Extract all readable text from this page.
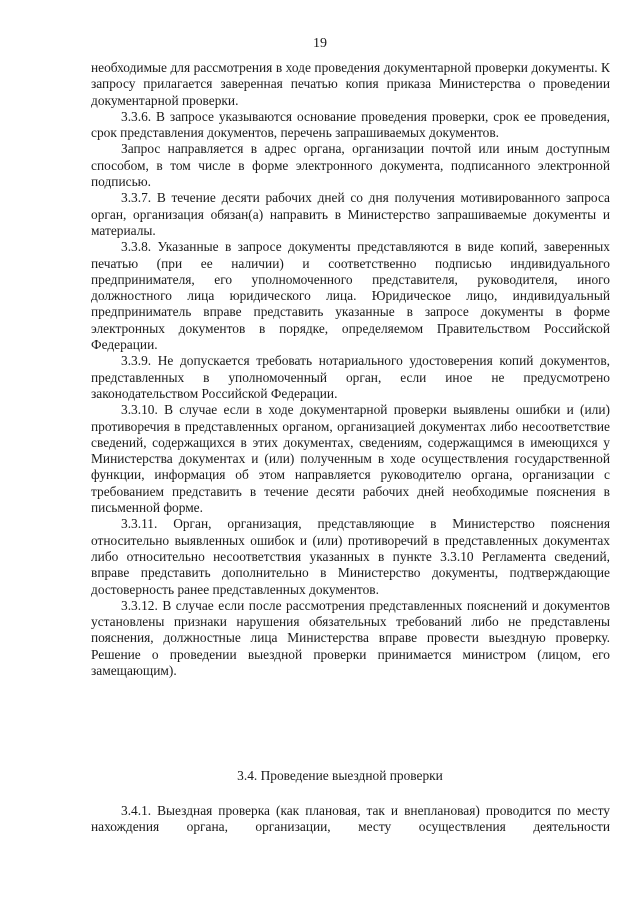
19

необходимые для рассмотрения в ходе проведения документарной проверки документы. К запросу прилагается заверенная печатью копия приказа Министерства о проведении документарной проверки.

3.3.6. В запросе указываются основание проведения проверки, срок ее проведения, срок представления документов, перечень запрашиваемых документов.

Запрос направляется в адрес органа, организации почтой или иным доступным способом, в том числе в форме электронного документа, подписанного электронной подписью.

3.3.7. В течение десяти рабочих дней со дня получения мотивированного запроса орган, организация обязан(а) направить в Министерство запрашиваемые документы и материалы.

3.3.8. Указанные в запросе документы представляются в виде копий, заверенных печатью (при ее наличии) и соответственно подписью индивидуального предпринимателя, его уполномоченного представителя, руководителя, иного должностного лица юридического лица. Юридическое лицо, индивидуальный предприниматель вправе представить указанные в запросе документы в форме электронных документов в порядке, определяемом Правительством Российской Федерации.

3.3.9. Не допускается требовать нотариального удостоверения копий документов, представленных в уполномоченный орган, если иное не предусмотрено законодательством Российской Федерации.

3.3.10. В случае если в ходе документарной проверки выявлены ошибки и (или) противоречия в представленных органом, организацией документах либо несоответствие сведений, содержащихся в этих документах, сведениям, содержащимся в имеющихся у Министерства документах и (или) полученным в ходе осуществления государственной функции, информация об этом направляется руководителю органа, организации с требованием представить в течение десяти рабочих дней необходимые пояснения в письменной форме.

3.3.11. Орган, организация, представляющие в Министерство пояснения относительно выявленных ошибок и (или) противоречий в представленных документах либо относительно несоответствия указанных в пункте 3.3.10 Регламента сведений, вправе представить дополнительно в Министерство документы, подтверждающие достоверность ранее представленных документов.

3.3.12. В случае если после рассмотрения представленных пояснений и документов установлены признаки нарушения обязательных требований либо не представлены пояснения, должностные лица Министерства вправе провести выездную проверку. Решение о проведении выездной проверки принимается министром (лицом, его замещающим).

3.4. Проведение выездной проверки

3.4.1. Выездная проверка (как плановая, так и внеплановая) проводится по месту нахождения органа, организации, месту осуществления деятельности
